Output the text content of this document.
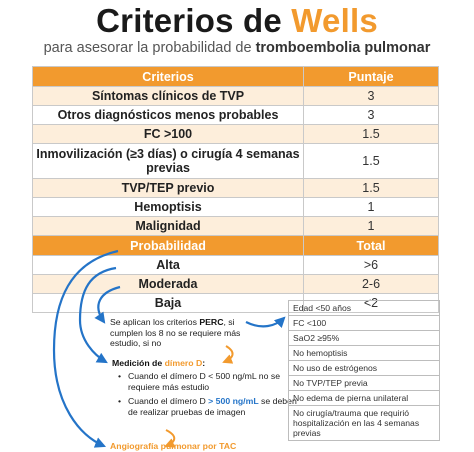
Criterios de Wells
para asesorar la probabilidad de tromboembolia pulmonar
Criterios	Puntaje
Síntomas clínicos de TVP	3
Otros diagnósticos menos probables	3
FC >100	1.5
Inmovilización (≥3 días) o cirugía 4 semanas previas	1.5
TVP/TEP previo	1.5
Hemoptisis	1
Malignidad	1
Probabilidad	Total
Alta	>6
Moderada	2-6
Baja	<2
Se aplican los criterios PERC, si cumplen los 8 no se requiere más estudio, si no
Medición de dímero D:
• Cuando el dímero D < 500 ng/mL no se requiere más estudio
• Cuando el dímero D > 500 ng/mL se deben de realizar pruebas de imagen
Angiografía pulmonar por TAC
Edad <50 años
FC <100
SaO2 ≥95%
No hemoptisis
No uso de estrógenos
No TVP/TEP previa
No edema de pierna unilateral
No cirugía/trauma que requirió hospitalización en las 4 semanas previas
